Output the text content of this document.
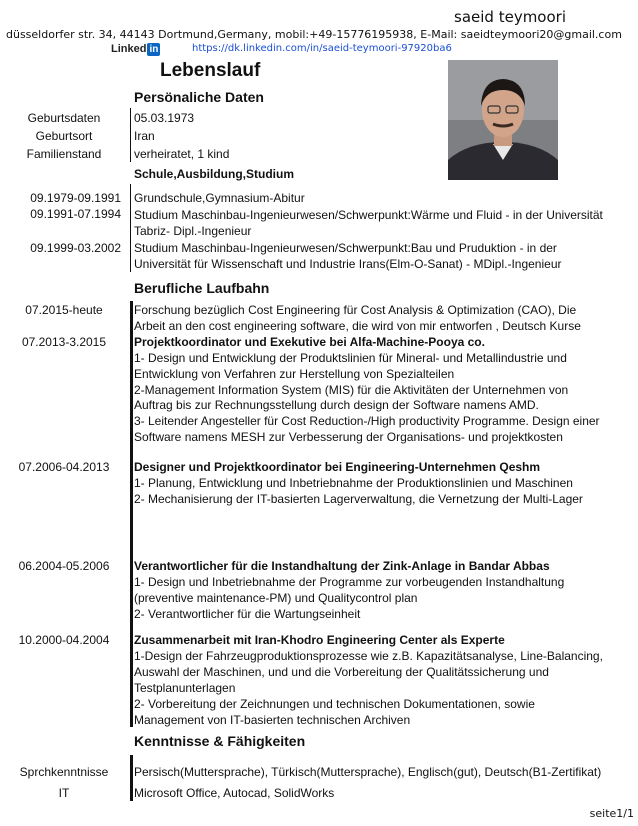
saeid teymoori
düsseldorfer str. 34, 44143 Dortmund,Germany, mobil:+49-15776195938, E-Mail: saeidteymoori20@gmail.com
Linked in	https://dk.linkedin.com/in/saeid-teymoori-97920ba6
Lebenslauf
Persönaliche Daten
Geburtsdaten	05.03.1973
Geburtsort	Iran
Familienstand	verheiratet, 1 kind
Schule,Ausbildung,Studium
09.1979-09.1991 Grundschule,Gymnasium-Abitur
09.1991-07.1994 Studium Maschinbau-Ingenieurwesen/Schwerpunkt:Wärme und Fluid - in der Universität
Tabriz- Dipl.-Ingenieur
09.1999-03.2002 Studium Maschinbau-Ingenieurwesen/Schwerpunkt:Bau und Pruduktion - in der
Universität für Wissenschaft und Industrie Irans(Elm-O-Sanat) - MDipl.-Ingenieur
Berufliche Laufbahn
07.2015-heute	Forschung bezüglich Cost Engineering für Cost Analysis & Optimization (CAO), Die
Arbeit an den cost engineering software, die wird von mir entworfen , Deutsch Kurse
07.2013-3.2015	Projektkoordinator und Exekutive bei Alfa-Machine-Pooya co.
1- Design und Entwicklung der Produktslinien für Mineral- und Metallindustrie und
Entwicklung von Verfahren zur Herstellung von Spezialteilen
2-Management Information System (MIS) für die Aktivitäten der Unternehmen von
Auftrag bis zur Rechnungsstellung durch design der Software namens AMD.
3- Leitender Angesteller für Cost Reduction-/High productivity Programme. Design einer
Software namens MESH zur Verbesserung der Organisations- und projektkosten
07.2006-04.2013	Designer und Projektkoordinator bei Engineering-Unternehmen Qeshm
1- Planung, Entwicklung und Inbetriebnahme der Produktionslinien und Maschinen
2- Mechanisierung der IT-basierten Lagerverwaltung, die Vernetzung der Multi-Lager
06.2004-05.2006	Verantwortlicher für die Instandhaltung der Zink-Anlage in Bandar Abbas
1- Design und Inbetriebnahme der Programme zur vorbeugenden Instandhaltung
(preventive maintenance-PM) und Qualitycontrol plan
2- Verantwortlicher für die Wartungseinheit
10.2000-04.2004	Zusammenarbeit mit Iran-Khodro Engineering Center als Experte
1-Design der Fahrzeugproduktionsprozesse wie z.B. Kapazitätsanalyse, Line-Balancing,
Auswahl der Maschinen, und und die Vorbereitung der Qualitätssicherung und
Testplanunterlagen
2- Vorbereitung der Zeichnungen und technischen Dokumentationen, sowie
Management von IT-basierten technischen Archiven
Kenntnisse & Fähigkeiten
Sprchkenntnisse	Persisch(Muttersprache), Türkisch(Muttersprache), Englisch(gut), Deutsch(B1-Zertifikat)
IT	Microsoft Office, Autocad, SolidWorks
seite1/1
